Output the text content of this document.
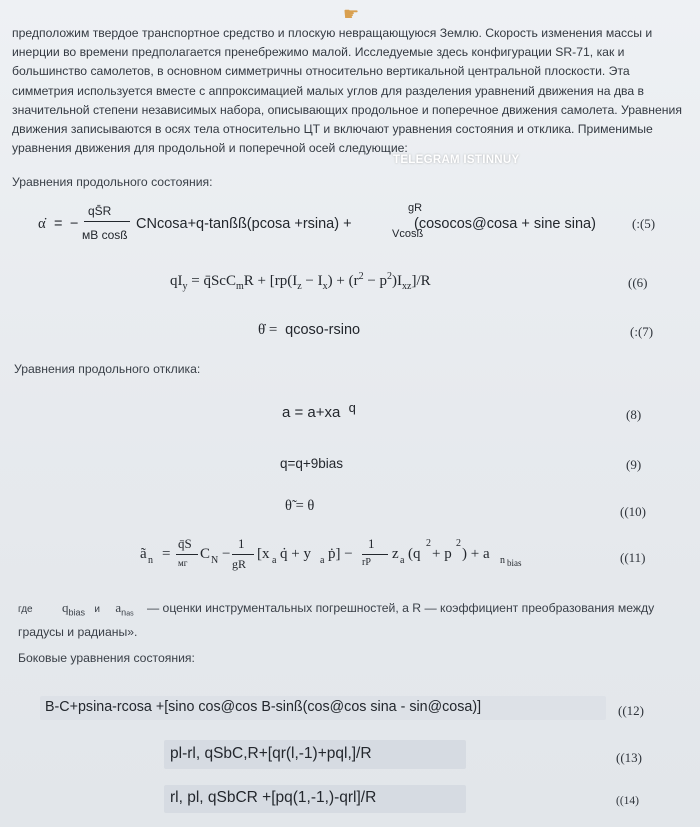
☛
предположим твердое транспортное средство и плоскую невращающуюся Землю. Скорость изменения массы и инерции во времени предполагается пренебрежимо малой. Исследуемые здесь конфигурации SR-71, как и большинство самолетов, в основном симметричны относительно вертикальной центральной плоскости. Эта симметрия используется вместе с аппроксимацией малых углов для разделения уравнений движения на два в значительной степени независимых набора, описывающих продольное и поперечное движения самолета. Уравнения движения записываются в осях тела относительно ЦТ и включают уравнения состояния и отклика. Применимые уравнения движения для продольной и поперечной осей следующие:
TELEGRAM ISTINNUY
Уравнения продольного состояния:
α̇ = −
qS̄R
мВ cosß
CNcosa+q-tanßß(pcosa +rsina) +
gR
Vcosß
(cosocos@cosa + sine sina)	(:(5)
$qI_y$ = q̄ScC$_m$R + $[rp(I_z - I_x) + (r^2 - p^2)I_{xz}]/R$	((6)
θ̇ = qcoso-rsino	(:(7)
Уравнения продольного отклика:
a = a+xa q	(8)
q=q+9bias	(9)
θ̃ = θ	((10)
ã n =
q̄S
мг
C N −
1
gR
[x a q̇ + y a ṗ] −
1
rP
z a (q
2
+ p
2
) + a n bias	((11)
где $q_{bias}$ и $a_{nas}$ — оценки инструментальных погрешностей, а R — коэффициент преобразования между градусы и радианы».
Боковые уравнения состояния:
B-C+psina-rcosa +[sino cos@cos B-sinß(cos@cos sina - sin@cosa)]	((12)
pl-rl, qSbC,R+[qr(l,-1)+pql,]/R	((13)
rl, pl, qSbCR +[pq(1,-1,)-qrl]/R	((14)
